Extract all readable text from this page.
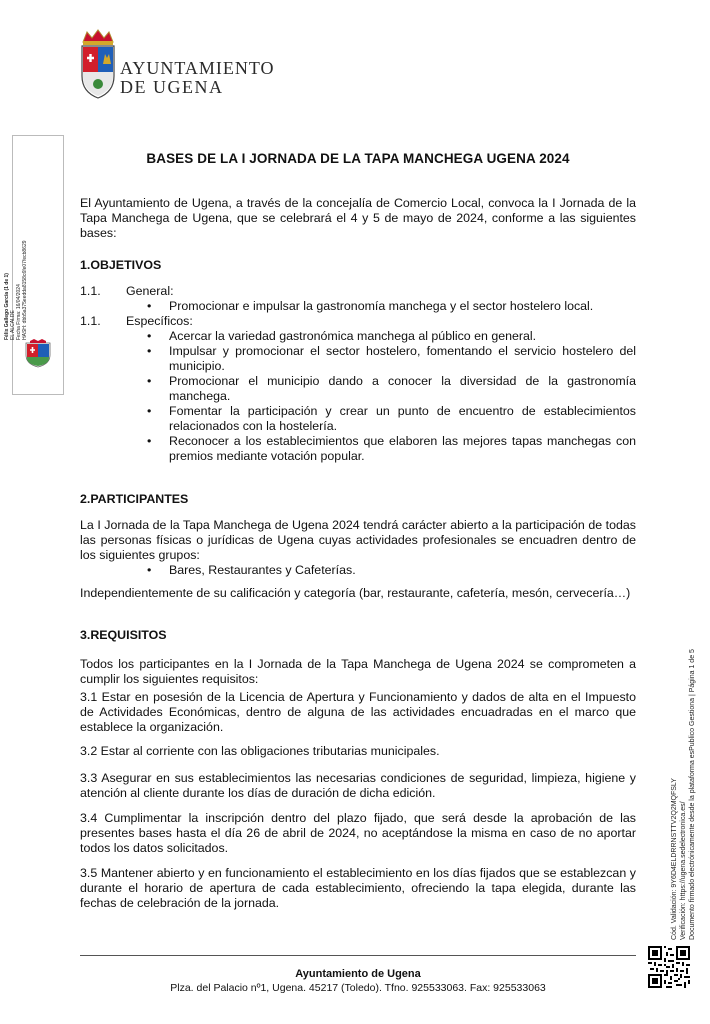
AYUNTAMIENTO
DE UGENA
Félix Gallego García (1 de 1) EL ALCALDE Fecha Firma: 16/04/2024 HASH: dbb5a375eedda8158c6fe07fecb8629
Cód. Validación: 9Y6D4ELDRRNSTTV2Q2MQFSLY Verificación: https://ugena.sedelectronica.es/ Documento firmado electrónicamente desde la plataforma esPublico Gestiona | Página 1 de 5
BASES DE LA I JORNADA DE LA TAPA MANCHEGA UGENA 2024

El Ayuntamiento de Ugena, a través de la concejalía de Comercio Local, convoca la I Jornada de la Tapa Manchega de Ugena, que se celebrará el 4 y 5 de mayo de 2024, conforme a las siguientes bases:

1.OBJETIVOS
1.1.	General:
• Promocionar e impulsar la gastronomía manchega y el sector hostelero local.
1.1.	Específicos:
• Acercar la variedad gastronómica manchega al público en general.
• Impulsar y promocionar el sector hostelero, fomentando el servicio hostelero del municipio.
• Promocionar el municipio dando a conocer la diversidad de la gastronomía manchega.
• Fomentar la participación y crear un punto de encuentro de establecimientos relacionados con la hostelería.
• Reconocer a los establecimientos que elaboren las mejores tapas manchegas con premios mediante votación popular.
2.PARTICIPANTES

La I Jornada de la Tapa Manchega de Ugena 2024 tendrá carácter abierto a la participación de todas las personas físicas o jurídicas de Ugena cuyas actividades profesionales se encuadren dentro de los siguientes grupos:

• Bares, Restaurantes y Cafeterías.

Independientemente de su calificación y categoría (bar, restaurante, cafetería, mesón, cervecería…)

3.REQUISITOS

Todos los participantes en la I Jornada de la Tapa Manchega de Ugena 2024 se comprometen a cumplir los siguientes requisitos:

3.1 Estar en posesión de la Licencia de Apertura y Funcionamiento y dados de alta en el Impuesto de Actividades Económicas, dentro de alguna de las actividades encuadradas en el marco que establece la organización.

3.2 Estar al corriente con las obligaciones tributarias municipales.

3.3 Asegurar en sus establecimientos las necesarias condiciones de seguridad, limpieza, higiene y atención al cliente durante los días de duración de dicha edición.

3.4 Cumplimentar la inscripción dentro del plazo fijado, que será desde la aprobación de las presentes bases hasta el día 26 de abril de 2024, no aceptándose la misma en caso de no aportar todos los datos solicitados.

3.5 Mantener abierto y en funcionamiento el establecimiento en los días fijados que se establezcan y durante el horario de apertura de cada establecimiento, ofreciendo la tapa elegida, durante las fechas de celebración de la jornada.

Ayuntamiento de Ugena
Plza. del Palacio nº1, Ugena. 45217 (Toledo). Tfno. 925533063. Fax: 925533063
